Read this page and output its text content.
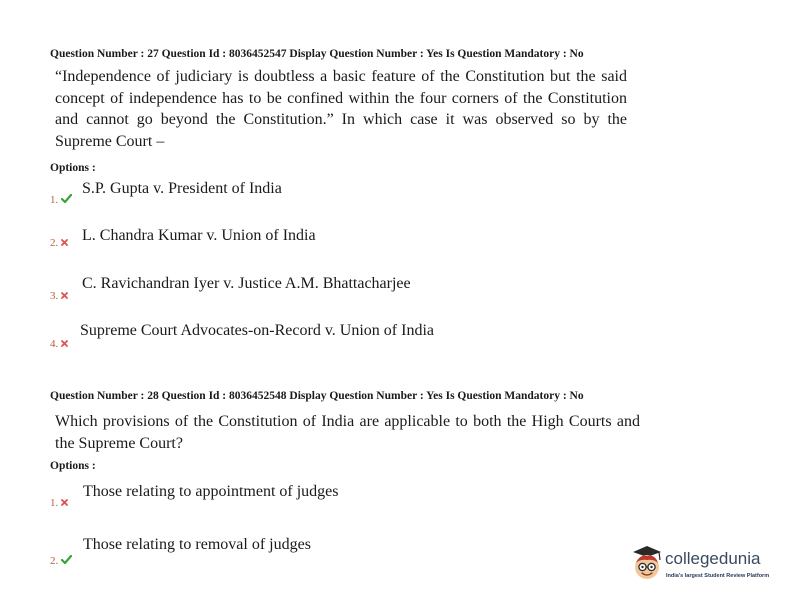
Question Number : 27 Question Id : 8036452547 Display Question Number : Yes Is Question Mandatory : No
“Independence of judiciary is doubtless a basic feature of the Constitution but the said concept of independence has to be confined within the four corners of the Constitution and cannot go beyond the Constitution.” In which case it was observed so by the Supreme Court –
Options :
1.
S.P. Gupta v. President of India
2.	L. Chandra Kumar v. Union of India
3.
C. Ravichandran Iyer v. Justice A.M. Bhattacharjee
4.
Supreme Court Advocates-on-Record v. Union of India
Question Number : 28 Question Id : 8036452548 Display Question Number : Yes Is Question Mandatory : No
Which provisions of the Constitution of India are applicable to both the High Courts and the Supreme Court?
Options :
1.
Those relating to appointment of judges
2.
Those relating to removal of judges
collegedunia
India's largest Student Review Platform
